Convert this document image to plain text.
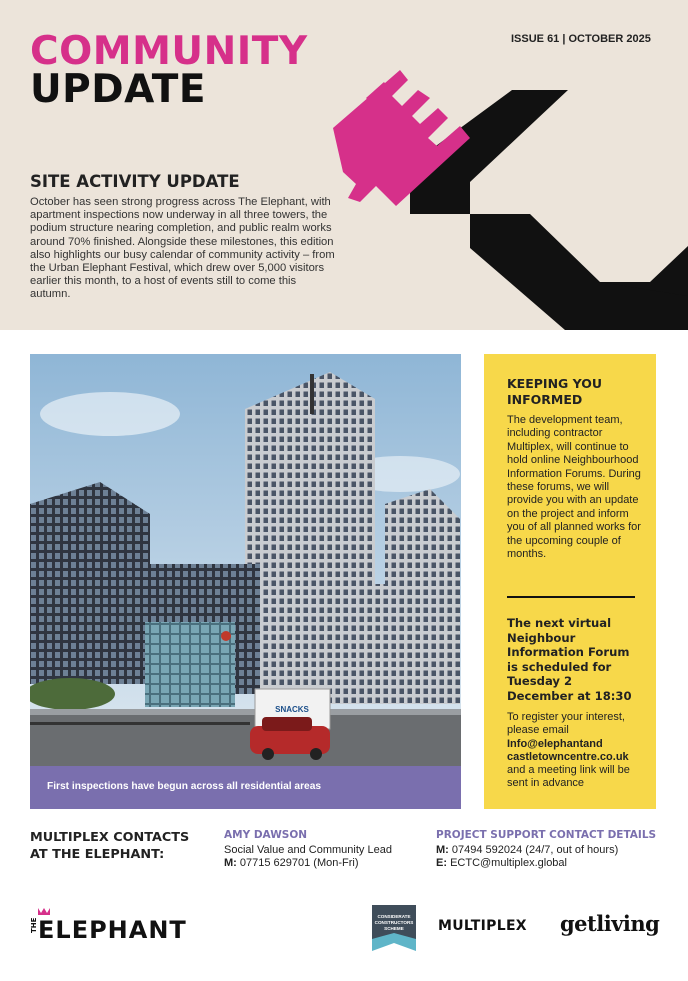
COMMUNITY
UPDATE
ISSUE 61 | OCTOBER 2025
SITE ACTIVITY UPDATE
October has seen strong progress across The Elephant, with apartment inspections now underway in all three towers, the podium structure nearing completion, and public realm works around 70% finished. Alongside these milestones, this edition also highlights our busy calendar of community activity – from the Urban Elephant Festival, which drew over 5,000 visitors earlier this month, to a host of events still to come this autumn.
SNACKS
First inspections have begun across all residential areas
KEEPING YOU INFORMED
The development team, including contractor Multiplex, will continue to hold online Neighbourhood Information Forums. During these forums, we will provide you with an update on the project and inform you of all planned works for the upcoming couple of months.
The next virtual Neighbour Information Forum is scheduled for Tuesday 2 December at 18:30
To register your interest, please email Info@elephantand castletowncentre.co.uk and a meeting link will be sent in advance
MULTIPLEX CONTACTS
AT THE ELEPHANT:
AMY DAWSON
Social Value and Community Lead
M: 07715 629701 (Mon-Fri)
PROJECT SUPPORT CONTACT DETAILS
M: 07494 592024 (24/7, out of hours)
E: ECTC@multiplex.global
THE ELEPHANT	CONSIDERATE
CONSTRUCTORS
SCHEME MULTIPLEX getliving
